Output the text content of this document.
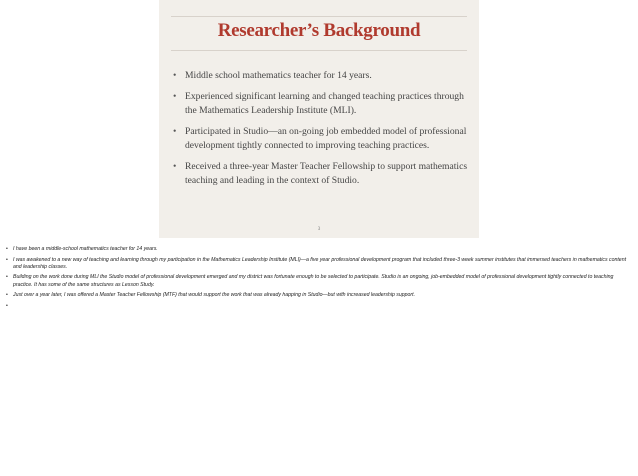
Researcher’s Background
• Middle school mathematics teacher for 14 years.
• Experienced significant learning and changed teaching practices through the Mathematics Leadership Institute (MLI).
• Participated in Studio—an on-going job embedded model of professional development tightly connected to improving teaching practices.
• Received a three-year Master Teacher Fellowship to support mathematics teaching and leading in the context of Studio.
3
• I have been a middle-school mathematics teacher for 14 years.
• I was awakened to a new way of teaching and learning through my participation in the Mathematics Leadership Institute (MLI)—a five year professional development program that included three-3 week summer institutes that immersed teachers in mathematics content and leadership classes.
• Building on the work done during MLI the Studio model of professional development emerged and my district was fortunate enough to be selected to participate. Studio is an ongoing, job-embedded model of professional development tightly connected to teaching practice. It has some of the same structures as Lesson Study.
• Just over a year later, I was offered a Master Teacher Fellowship (MTF) that would support the work that was already happing in Studio—but with increased leadership support.
•
